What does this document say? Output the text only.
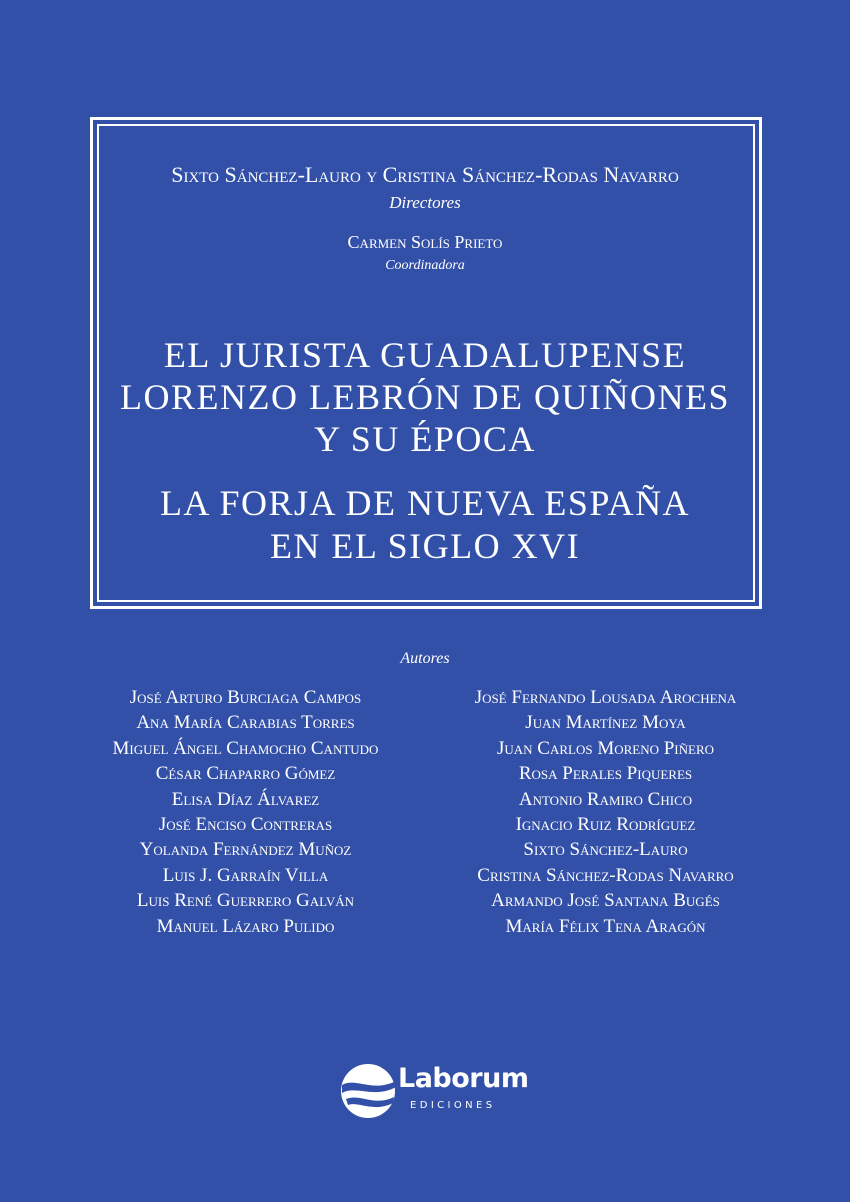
Sixto Sánchez-Lauro y Cristina Sánchez-Rodas Navarro
Directores
Carmen Solís Prieto
Coordinadora
EL JURISTA GUADALUPENSE
LORENZO LEBRÓN DE QUIÑONES
Y SU ÉPOCA
LA FORJA DE NUEVA ESPAÑA
EN EL SIGLO XVI
Autores
José Arturo Burciaga Campos
Ana María Carabias Torres
Miguel Ángel Chamocho Cantudo
César Chaparro Gómez
Elisa Díaz Álvarez
José Enciso Contreras
Yolanda Fernández Muñoz
Luis J. Garraín Villa
Luis René Guerrero Galván
Manuel Lázaro Pulido
José Fernando Lousada Arochena
Juan Martínez Moya
Juan Carlos Moreno Piñero
Rosa Perales Piqueres
Antonio Ramiro Chico
Ignacio Ruiz Rodríguez
Sixto Sánchez-Lauro
Cristina Sánchez-Rodas Navarro
Armando José Santana Bugés
María Félix Tena Aragón
Laborum
EDICIONES
